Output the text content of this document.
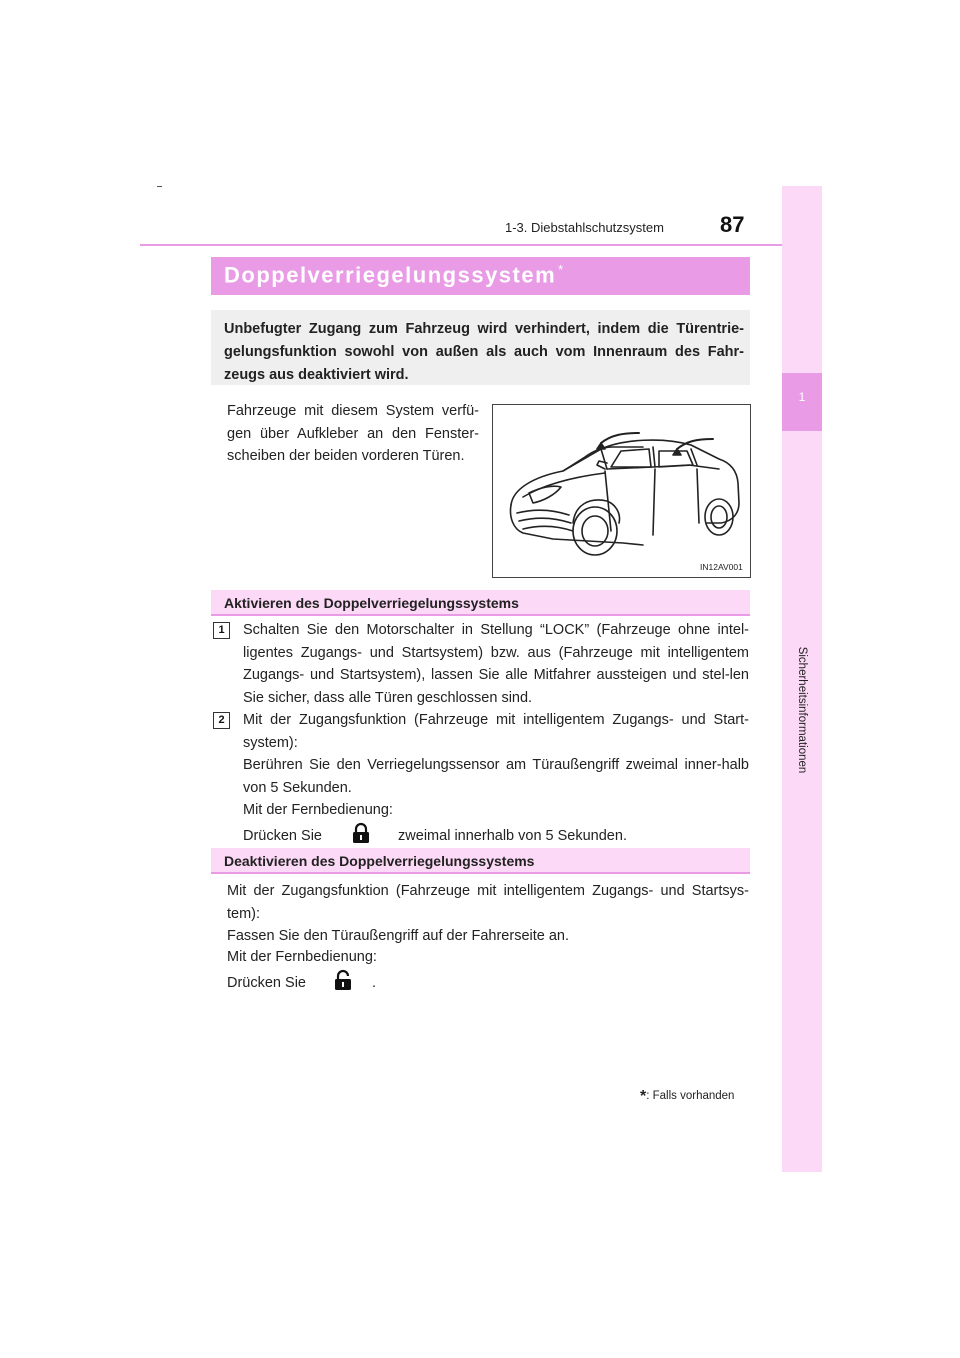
1-3. Diebstahlschutzsystem	87
1
Sicherheitsinformationen
Doppelverriegelungssystem *
Unbefugter Zugang zum Fahrzeug wird verhindert, indem die Türentrie-gelungsfunktion sowohl von außen als auch vom Innenraum des Fahr-zeugs aus deaktiviert wird.
Fahrzeuge mit diesem System verfü-gen über Aufkleber an den Fenster-scheiben der beiden vorderen Türen.
IN12AV001
Aktivieren des Doppelverriegelungssystems
1	Schalten Sie den Motorschalter in Stellung “LOCK” (Fahrzeuge ohne intel-ligentes Zugangs- und Startsystem) bzw. aus (Fahrzeuge mit intelligentem Zugangs- und Startsystem), lassen Sie alle Mitfahrer aussteigen und stel-len Sie sicher, dass alle Türen geschlossen sind.
2	Mit der Zugangsfunktion (Fahrzeuge mit intelligentem Zugangs- und Start-system):
Berühren Sie den Verriegelungssensor am Türaußengriff zweimal inner-halb von 5 Sekunden.
Mit der Fernbedienung:
Drücken Sie	zweimal innerhalb von 5 Sekunden.
Deaktivieren des Doppelverriegelungssystems
Mit der Zugangsfunktion (Fahrzeuge mit intelligentem Zugangs- und Startsys-tem):
Fassen Sie den Türaußengriff auf der Fahrerseite an.
Mit der Fernbedienung:
Drücken Sie	.
*: Falls vorhanden
